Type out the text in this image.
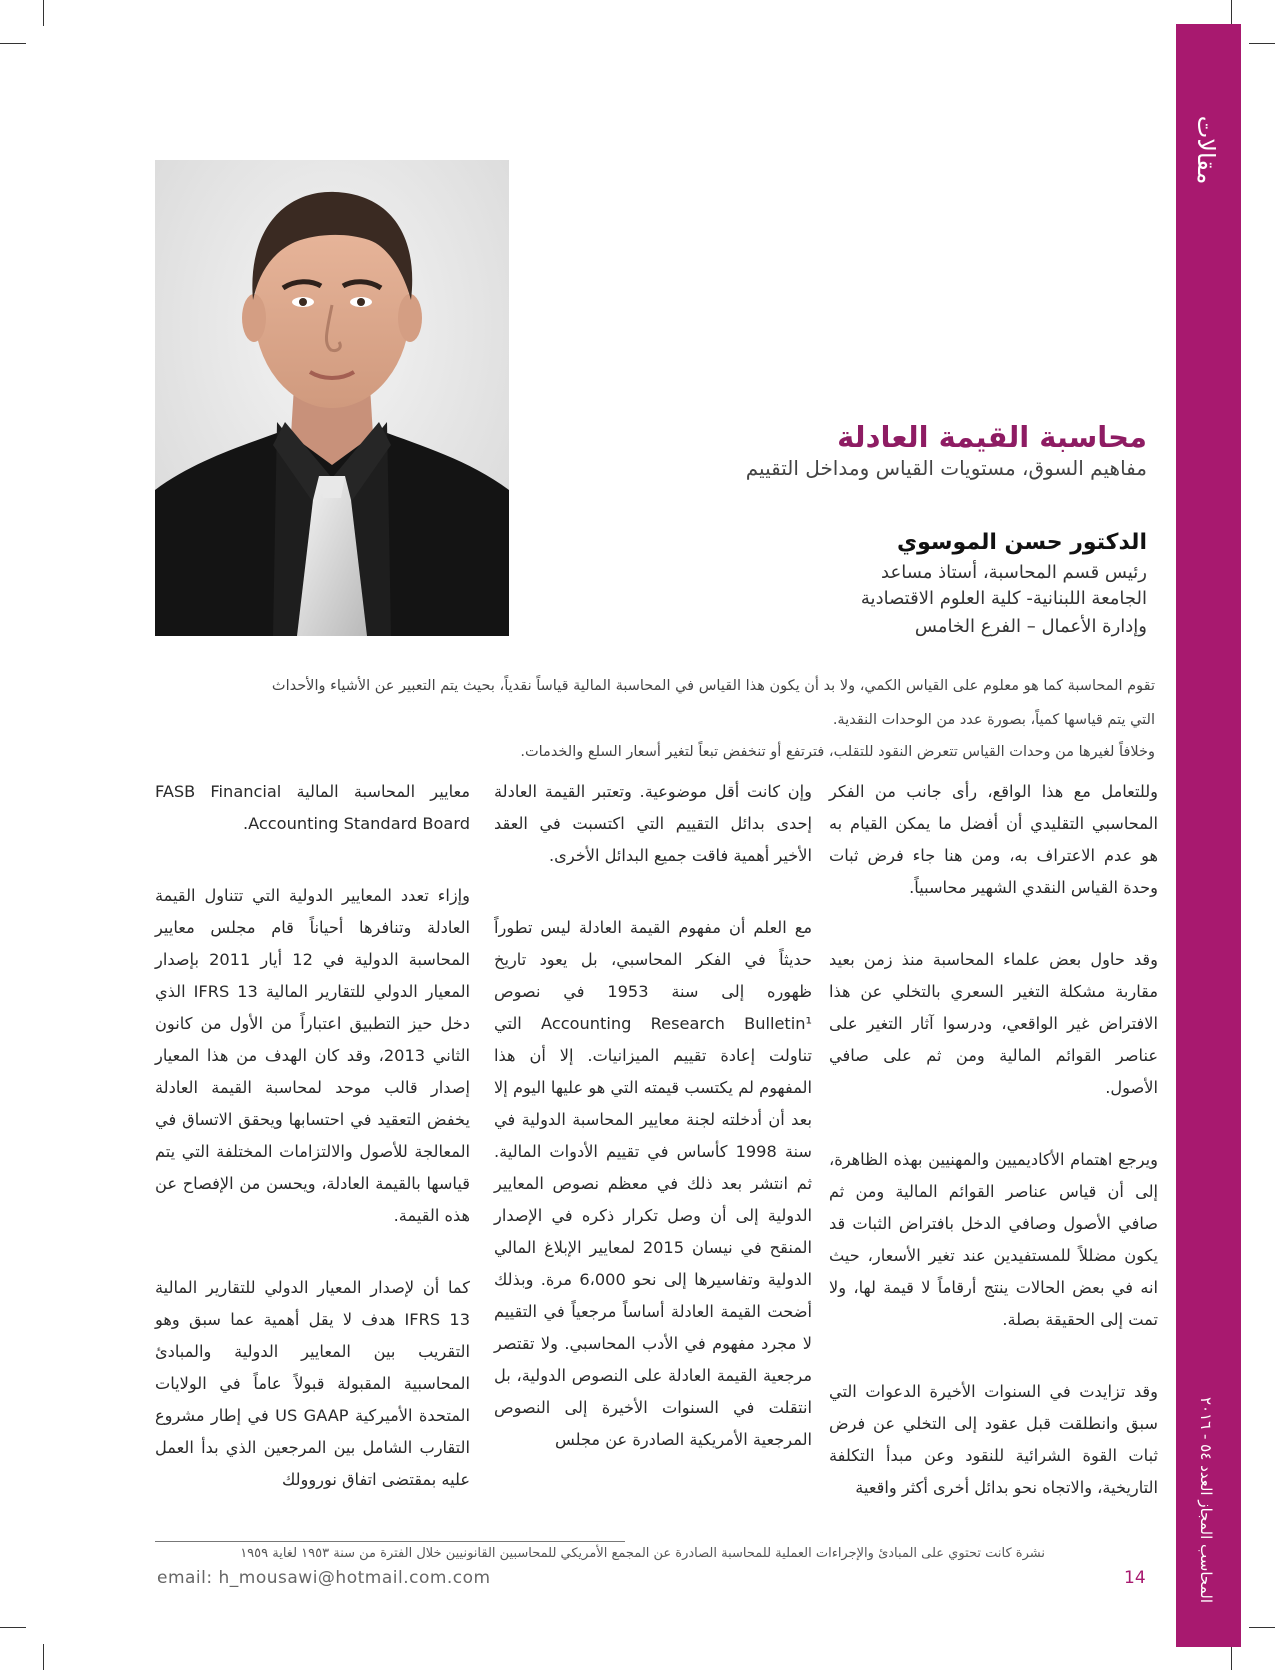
مقالات
المحاسب المجاز العدد ٥٤ - ٢٠١٦
محاسبة القيمة العادلة
مفاهيم السوق، مستويات القياس ومداخل التقييم
الدكتور حسن الموسوي
رئيس قسم المحاسبة، أستاذ مساعد
الجامعة اللبنانية- كلية العلوم الاقتصادية
وإدارة الأعمال – الفرع الخامس
تقوم المحاسبة كما هو معلوم على القياس الكمي، ولا بد أن يكون هذا القياس في المحاسبة المالية قياساً نقدياً، بحيث يتم التعبير عن الأشياء والأحداث
التي يتم قياسها كمياً، بصورة عدد من الوحدات النقدية.
وخلافاً لغيرها من وحدات القياس تتعرض النقود للتقلب، فترتفع أو تنخفض تبعاً لتغير أسعار السلع والخدمات.

وللتعامل مع هذا الواقع، رأى جانب من الفكر المحاسبي التقليدي أن أفضل ما يمكن القيام به هو عدم الاعتراف به، ومن هنا جاء فرض ثبات وحدة القياس النقدي الشهير محاسبياً.

وقد حاول بعض علماء المحاسبة منذ زمن بعيد مقاربة مشكلة التغير السعري بالتخلي عن هذا الافتراض غير الواقعي، ودرسوا آثار التغير على عناصر القوائم المالية ومن ثم على صافي الأصول.

ويرجع اهتمام الأكاديميين والمهنيين بهذه الظاهرة، إلى أن قياس عناصر القوائم المالية ومن ثم صافي الأصول وصافي الدخل بافتراض الثبات قد يكون مضللاً للمستفيدين عند تغير الأسعار، حيث انه في بعض الحالات ينتج أرقاماً لا قيمة لها، ولا تمت إلى الحقيقة بصلة.

وقد تزايدت في السنوات الأخيرة الدعوات التي سبق وانطلقت قبل عقود إلى التخلي عن فرض ثبات القوة الشرائية للنقود وعن مبدأ التكلفة التاريخية، والاتجاه نحو بدائل أخرى أكثر واقعية

وإن كانت أقل موضوعية. وتعتبر القيمة العادلة إحدى بدائل التقييم التي اكتسبت في العقد الأخير أهمية فاقت جميع البدائل الأخرى.

مع العلم أن مفهوم القيمة العادلة ليس تطوراً حديثاً في الفكر المحاسبي، بل يعود تاريخ ظهوره إلى سنة 1953 في نصوص Accounting Research Bulletin¹ التي تناولت إعادة تقييم الميزانيات. إلا أن هذا المفهوم لم يكتسب قيمته التي هو عليها اليوم إلا بعد أن أدخلته لجنة معايير المحاسبة الدولية في سنة 1998 كأساس في تقييم الأدوات المالية. ثم انتشر بعد ذلك في معظم نصوص المعايير الدولية إلى أن وصل تكرار ذكره في الإصدار المنقح في نيسان 2015 لمعايير الإبلاغ المالي الدولية وتفاسيرها إلى نحو 6،000 مرة. وبذلك أضحت القيمة العادلة أساساً مرجعياً في التقييم لا مجرد مفهوم في الأدب المحاسبي. ولا تقتصر مرجعية القيمة العادلة على النصوص الدولية، بل انتقلت في السنوات الأخيرة إلى النصوص المرجعية الأمريكية الصادرة عن مجلس

معايير المحاسبة المالية FASB Financial Accounting Standard Board.

وإزاء تعدد المعايير الدولية التي تتناول القيمة العادلة وتنافرها أحياناً قام مجلس معايير المحاسبة الدولية في 12 أيار 2011 بإصدار المعيار الدولي للتقارير المالية IFRS 13 الذي دخل حيز التطبيق اعتباراً من الأول من كانون الثاني 2013، وقد كان الهدف من هذا المعيار إصدار قالب موحد لمحاسبة القيمة العادلة يخفض التعقيد في احتسابها ويحقق الاتساق في المعالجة للأصول والالتزامات المختلفة التي يتم قياسها بالقيمة العادلة، ويحسن من الإفصاح عن هذه القيمة.

كما أن لإصدار المعيار الدولي للتقارير المالية IFRS 13 هدف لا يقل أهمية عما سبق وهو التقريب بين المعايير الدولية والمبادئ المحاسبية المقبولة قبولاً عاماً في الولايات المتحدة الأميركية US GAAP في إطار مشروع التقارب الشامل بين المرجعين الذي بدأ العمل عليه بمقتضى اتفاق نوروولك

نشرة كانت تحتوي على المبادئ والإجراءات العملية للمحاسبة الصادرة عن المجمع الأمريكي للمحاسبين القانونيين خلال الفترة من سنة ١٩٥٣ لغاية ١٩٥٩
email: h_mousawi@hotmail.com.com	14
